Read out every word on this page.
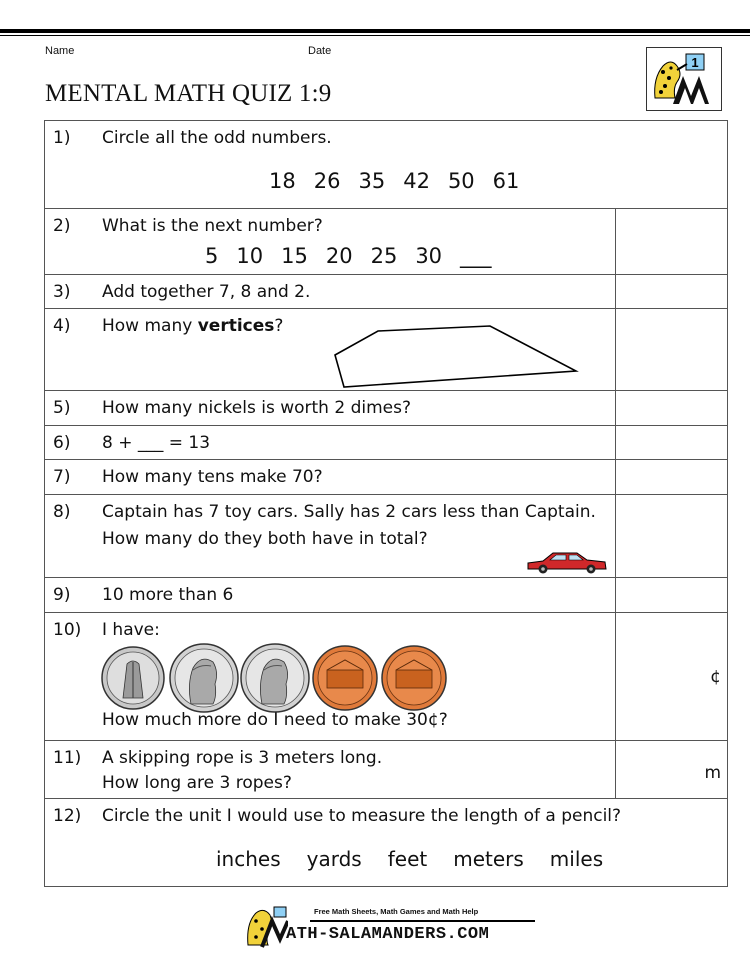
Name	Date
MENTAL MATH QUIZ 1:9
1
1) Circle all the odd numbers.
18 26 35 42 50 61	

2) What is the next number?
5 10 15 20 25 30 ___	

3) Add together 7, 8 and 2.	

4) How many vertices?	

5) How many nickels is worth 2 dimes?	

6) 8 + ___ = 13	

7) How many tens make 70?	

8) Captain has 7 toy cars. Sally has 2 cars less than Captain.
How many do they both have in total?	

9) 10 more than 6	

10) I have:
How much more do I need to make 30¢?	¢

11) A skipping rope is 3 meters long.
How long are 3 ropes?	m

12) Circle the unit I would use to measure the length of a pencil?
inches yards feet meters miles	
Free Math Sheets, Math Games and Math Help
ATH-SALAMANDERS.COM
